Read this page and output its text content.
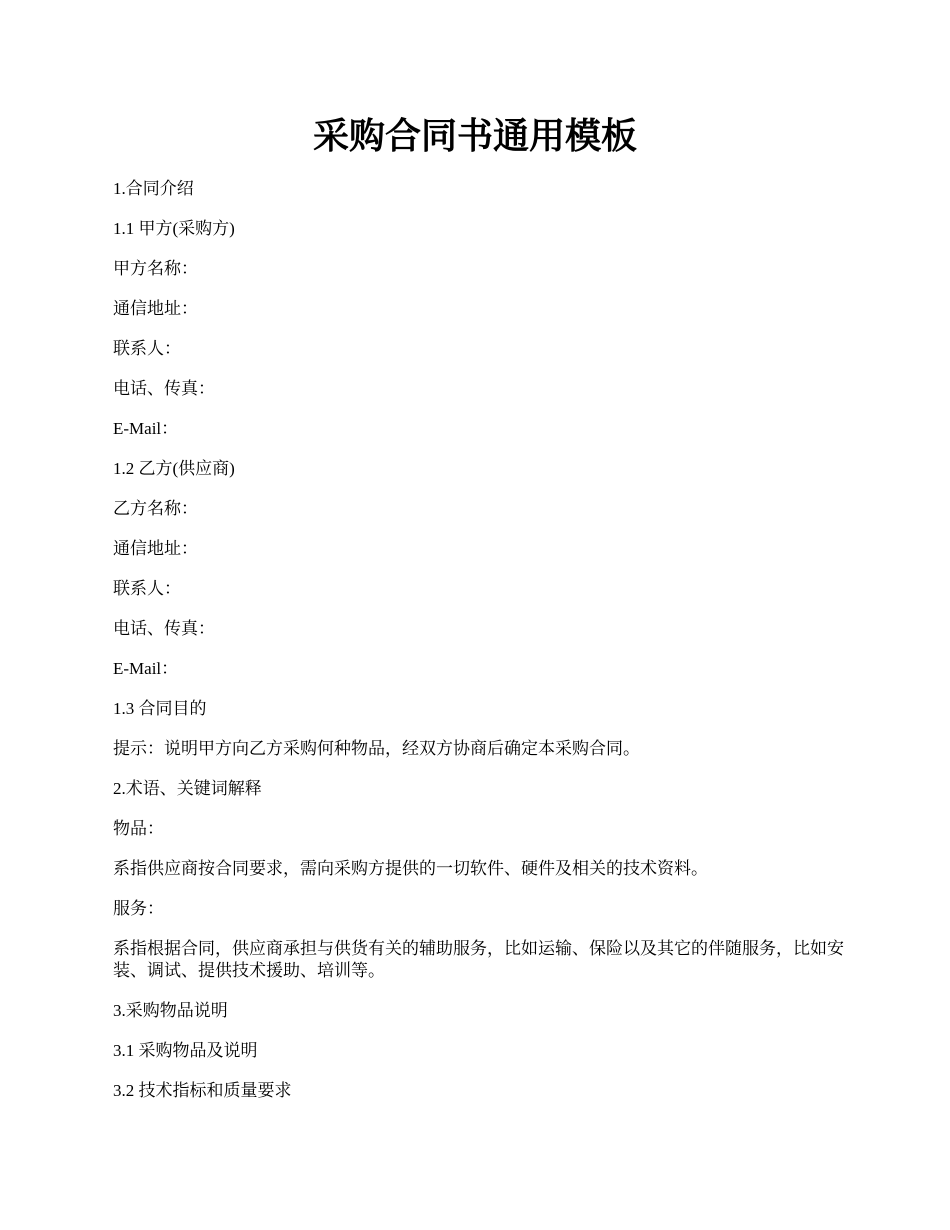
采购合同书通用模板

1.合同介绍

1.1 甲方(采购方)

甲方名称：

通信地址：

联系人：

电话、传真：

E-Mail：

1.2 乙方(供应商)

乙方名称：

通信地址：

联系人：

电话、传真：

E-Mail：

1.3 合同目的

提示：说明甲方向乙方采购何种物品，经双方协商后确定本采购合同。

2.术语、关键词解释

物品：

系指供应商按合同要求，需向采购方提供的一切软件、硬件及相关的技术资料。

服务：

系指根据合同，供应商承担与供货有关的辅助服务，比如运输、保险以及其它的伴随服务，比如安装、调试、提供技术援助、培训等。

3.采购物品说明

3.1 采购物品及说明

3.2 技术指标和质量要求
